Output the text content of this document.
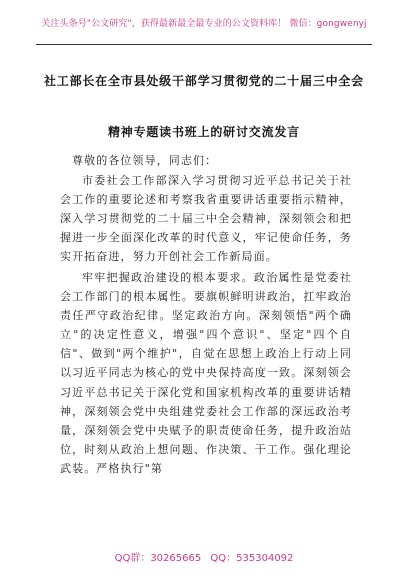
关注头条号"公文研究"，获得最新最全最专业的公文资料库！ 微信：gongwenyj
社工部长在全市县处级干部学习贯彻党的二十届三中全会
精神专题读书班上的研讨交流发言
尊敬的各位领导，同志们：

市委社会工作部深入学习贯彻习近平总书记关于社会工作的重要论述和考察我省重要讲话重要指示精神，深入学习贯彻党的二十届三中全会精神，深刻领会和把握进一步全面深化改革的时代意义，牢记使命任务，务实开拓奋进，努力开创社会工作新局面。

牢牢把握政治建设的根本要求。政治属性是党委社会工作部门的根本属性。要旗帜鲜明讲政治，扛牢政治责任严守政治纪律。坚定政治方向。深刻领悟"两个确立"的决定性意义，增强"四个意识"、坚定"四个自信"、做到"两个维护"，自觉在思想上政治上行动上同以习近平同志为核心的党中央保持高度一致。深刻领会习近平总书记关于深化党和国家机构改革的重要讲话精神，深刻领会党中央组建党委社会工作部的深远政治考量，深刻领会党中央赋予的职责使命任务，提升政治站位，时刻从政治上想问题、作决策、干工作。强化理论武装。严格执行"第

QQ群：30265665 QQ：535304092
